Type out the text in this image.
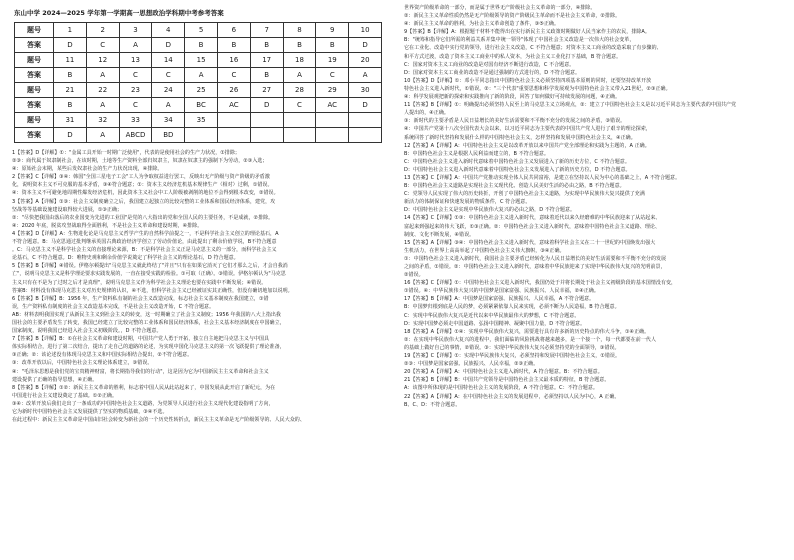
东山中学 2024—2025 学年第一学期高一思想政治学科期中考参考答案
题号	1	2	3	4	5	6	7	8	9	10
答案	D	C	A	D	B	B	B	B	B	D
题号	11	12	13	14	15	16	17	18	19	20
答案	B	A	C	C	A	C	B	A	C	A
题号	21	22	23	24	25	26	27	28	29	30
答案	B	A	C	A	BC	AC	D	C	AC	D
题号	31	32	33	34	35					
答案	D	A	ABCD	BD						
1【答案】D【详解】①："金属工具开始一时期广泛使用"，代表的是使用社会的生产力状况，①排除；
②③：商代属于奴隶制社会，在该时期，土地等生产资料全部归奴隶主，奴隶在奴隶主的强制下为劳动，②③入选；
④：原始社会末期，某些后发奴隶社会的生产力状况出现，④排除。
2【答案】C【详解】③④：韩国"全国三星电子工会"工人为争取权益进行罢工，反映出无产阶级与资产阶级的矛盾激
化，说明资本主义不可克服的基本矛盾，③④符合题意；①：资本主义经济危机基本规律生产（相对）过剩，①错误。
④：资本主义不可避免地周期性爆发经济危机，因此资本主义社会中工人阶级被剥削的地位不会得到根本改变，②错误。
3【答案】A【详解】①③：社会主义制度确立之后，我国建立起独立的比较完整的工业体系和国民经济体系，建党，攻
坚战等等基础设施建设取得较大进展，①③正确；
②："尽快把我国由落后的农业国变为先进的工业国"是党的八大指出的党和全国人民的主要任务，不是成就，②排除。
④：2020 年底，脱贫攻坚战取得全面胜利，不是社会主义革命和建设时期，④排除。
4【答案】D【详解】A：生物进化论是马克思主义哲学产生的自然科学前提之一，不是科学社会主义创立的理论基石，A
不符合题意。B：马克思通过批判继承英国古典政治经济学创立了劳动价值论，由此提出了剩余价值学说，B不符合题意
。C：马克思主义不是科学社会主义的直接理论来源，B：不是科学社会主义正是马克思主义的一部分，而科学社会主义
论基石，C 不符合题意。D：唯物史观和剩余价值学说奠定了科学社会主义的理论基石，D 符合题意。
5【答案】B【详解】④错误。伊格尔顿提出"马克思主义就此终结了"并且"只有在如果它消灭了它们才那么之后，才会自我消
亡"，说明马克思主义是科学理论要求实践发展的，一直在接受实践的检验。①可取（正确）。③错误。伊格尔顿认为"马克思
主义只有在不是为了过时之后才是真理"，说明马克思主义作为科学社会主义理论也要在实践中不断发展；④错误。
答案B：材料没有体现马克思主义对历史规律的认识，④不选，但科学社会主义已经被证实其正确性，但没有确切地加以说明。
6【答案】B【详解】B：1956 年，生产资料私有制的社会主义改造完成，标志社会主义基本制度在我国建立，①错
误，生产资料私有制度的社会主义改造基本完成，不是社会主义改造开始，C 不符合题意。
AB：材料表明我国实现了从新民主主义到社会主义的转变，这一时期确立了社会主义制度；1956 年我国的八大上指出我
国社会的主要矛盾发生了转变，我国已经建立了比较完整的工业体系和国民经济体系，社会主义基本经济制度在中国确立，
国家制度，说明我国已经进入社会主义初级阶段。，D 不符合题意。
7【答案】B【详解】B：①在社会主义革命和建设时期，中国共产党人勇于开拓，独立自主地把马克思主义与中国具
体实际相结合，进行了第二次结合，提出了走自己的道路的论述，为实现中国化马克思主义的第一次飞跃提供了理论准备，
③正确；②：该论述没有体现马克思主义和中国实际相结合提出，②不符合题意。
③：改革开放以后，中国特色社会主义理论体系建立，③错误。
④："毛泽东思想是我们党的宝贵精神财富，将长期指导我们的行动"，这是因为它为中国新民主主义革命和社会主义
建设提供了正确的指导思想，④正确。
8【答案】B【详解】①②：新民主主义革命的胜利，标志着中国人民从此站起来了，中国发展从此开启了新纪元，为在
中国进行社会主义建设奠定了基础。①②正确。
③④：改革开放后我们走出了一条成功的中国特色社会主义道路，为党领导人民进行社会主义现代化建设指明了方向，
它为新时代中国特色社会主义发展提供了坚实的物质基础，③④不选。
在此过程中：新民主主义革命是中国由旧社会转变为新社会的一个历史性转折点，新民主主义革命是无产阶级领导的、人民大众的、
世界资产阶级革命的一部分，而是属于世界无产阶级社会主义革命的一部分，④排除。
②：新民主主义革命性质仍然是无产阶级领导的资产阶级民主革命而不是社会主义革命，②排除。
④：新民主主义革命的胜利，为社会主义革命创造了条件，③⑤正确。
9【答案】B【详解】A：根据题干材料不能得出在实行新民主主义政策时期做好人民当家作主的农民，排除A。
B："统筹和指导它们所需的利益关系并集中统一领导"体现了中国社会主义改造是一次伟大的社会变革，
它在工业化、改造中实行党的领导，进行社会主义改造，C 不符合题意；对资本主义工商业的改造采取了有步骤的、
和平方式过渡，改造了资本主义工商业中的私人资本，为社会主义工业化打下基础，B 符合题意。
C：国家对资本主义工商业的改造是对国有经济不断进行改造，C 不合题意。
D：国家对资本主义工商业的改造不是通过强制的方式进行的，D 不符合题意。
10【答案】D【详解】①：邓小平同志指出中国特色社会主义必须坚持四项基本原则的同时，还要坚持改革开放
特色社会主义进入新时代，①错误。②："三个代表"重要思想和科学发展观为中国特色社会主义带入21世纪，②③正确。
④：科学发展观把新的探索和实践推向了新的阶段，回答了如何做好可持续发展的问题，④正确。
11【答案】B【详解】①：明确提出必须坚持人民至上的马克思主义立场观点，②：建立了中国特色社会主义是以习近平同志为主要代表的中国共产党
人提出的，④正确。
③：新时代的主要矛盾是人民日益增长的美好生活需要和不平衡不充分的发展之间的矛盾，③错误。
④：中国共产党第十八次全国代表大会以来，以习近平同志为主要代表的中国共产党人进行了艰辛的理论探索，
系统回答了新时代坚持和发展什么样的中国特色社会主义，怎样坚持和发展中国特色社会主义，④正确。
12【答案】A【详解】A：中国特色社会主义是以改革开放以来中国共产党全部理论和实践为主题的，A 正确。
B：中国特色社会主义是根据人民利益而建立的，B 不符合题意。
C：中国特色社会主义进入新时代意味着中国特色社会主义发展进入了新的历史方位，C 不符合题意。
D：中国特色社会主义进入新时代意味着中国特色社会主义发展进入了新的历史方位，D 不符合题意。
13【答案】C【详解】A：中国共产党推动实现全体人民共同富裕，是建立在坚持以人民为中心的基础之上，A 不符合题意。
B：中国特色社会主义道路是实现社会主义现代化、创造人民美好生活的必由之路，B 不符合题意。
C：党领导人民实现了伟大的历史转折，开创了中国特色社会主义道路，为实现中华民族伟大复兴提供了充满
新活力的体制保证和快速发展的物质条件，C 符合题意。
D：中国特色社会主义是实现中华民族伟大复兴的必由之路，D 不符合题意。
14【答案】C【详解】①③：中国特色社会主义进入新时代，意味着近代以来久经磨难的中华民族迎来了从站起来、
富起来到强起来的伟大飞跃，①③正确。②：中国特色社会主义进入新时代，意味着中国特色社会主义道路、理论、
制度、文化不断发展，④错误。
15【答案】A【详解】③④：中国特色社会主义进入新时代，意味着科学社会主义在二十一世纪的中国焕发出强大
生机活力，在世界上高高举起了中国特色社会主义伟大旗帜，③④正确。
①：中国特色社会主义进入新时代，我国社会主要矛盾已经转化为人民日益增长的美好生活需要和不平衡不充分的发展
之间的矛盾，①错误。②：中国特色社会主义进入新时代，意味着中华民族迎来了实现中华民族伟大复兴的光明前景，
②错误。
16【答案】C【详解】①：中国特色社会主义进入新时代，我国仍处于并将长期处于社会主义初级阶段的基本国情没有变，
①错误。④：中华民族伟大复兴的中国梦是国家富强、民族振兴、人民幸福，②④正确。
17【答案】B【详解】A：中国梦是国家富强、民族振兴、人民幸福，A 不符合题意。
B：中国梦归根到底是人民的梦，必须紧紧依靠人民来实现，必须不断为人民造福，B 符合题意。
C：实现中华民族伟大复兴是近代以来中华民族最伟大的梦想，C 不符合题意。
D：实现中国梦必须走中国道路、弘扬中国精神、凝聚中国力量，D 不符合题意。
18【答案】A【详解】①④：实现中华民族伟大复兴，需要进行具有许多新的历史特点的伟大斗争，①④正确。
②：在实现中华民族伟大复兴的进程中，我们面临的风险挑战将越来越多，是一个接一个，每一代都要在前一代人
的基础上做好自己的事情，②错误。③：实现中华民族伟大复兴必须坚持党的全面领导，③错误。
19【答案】C【详解】①：实现中华民族伟大复兴，必须坚持和发展中国特色社会主义，①错误。
②③：中国梦是国家富强、民族振兴、人民幸福，②③正确。
20【答案】A【详解】A：中国特色社会主义进入新时代，A 符合题意。B：不符合题意。
21【答案】B【详解】B：中国共产党领导是中国特色社会主义最本质的特征，B 符合题意。
A：该图中所体现的是中国特色社会主义的发展阶段，A 不符合题意。C：不符合题意。
22【答案】A【详解】A：在中国特色社会主义的发展进程中，必须坚持以人民为中心，A 正确。
B、C、D：不符合题意。
